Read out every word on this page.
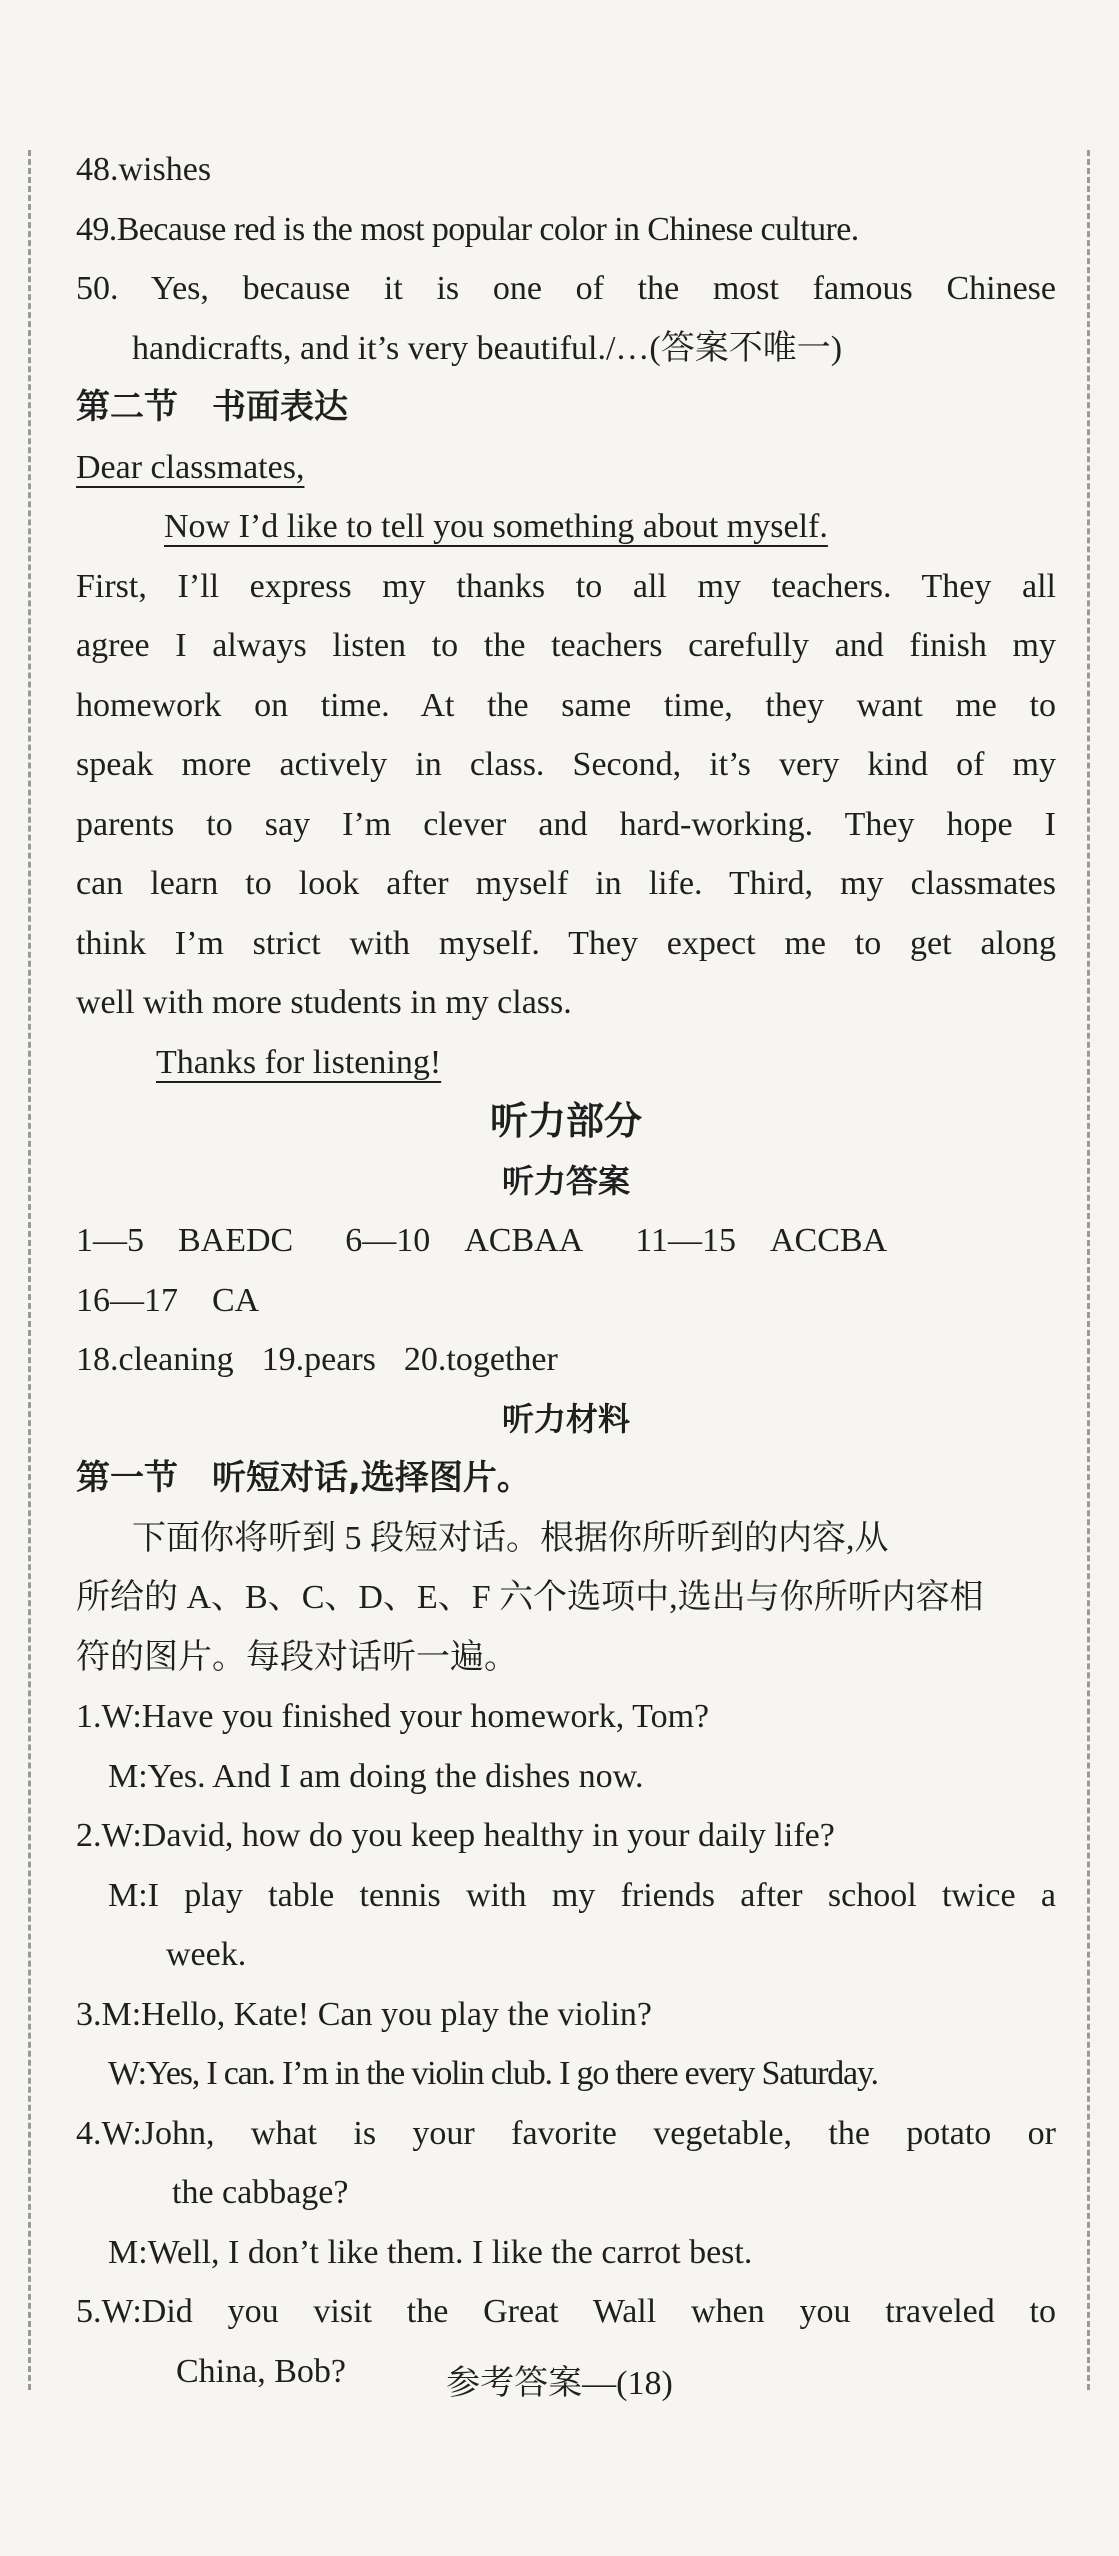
48.wishes
49.Because red is the most popular color in Chinese culture.
50. Yes, because it is one of the most famous Chinese
handicrafts, and it’s very beautiful./…(答案不唯一)
第二节　书面表达
Dear classmates,
Now I’d like to tell you something about myself.
First, I’ll express my thanks to all my teachers. They all
agree I always listen to the teachers carefully and finish my
homework on time. At the same time, they want me to
speak more actively in class. Second, it’s very kind of my
parents to say I’m clever and hard-working. They hope I
can learn to look after myself in life. Third, my classmates
think I’m strict with myself. They expect me to get along
well with more students in my class.
Thanks for listening!
听力部分
听力答案
1—5　BAEDC 6—10　ACBAA 11—15　ACCBA
16—17　CA
18.cleaning 19.pears 20.together
听力材料
第一节　听短对话,选择图片。
下面你将听到 5 段短对话。根据你所听到的内容,从
所给的 A、B、C、D、E、F 六个选项中,选出与你所听内容相
符的图片。每段对话听一遍。
1.W:Have you finished your homework, Tom?
M:Yes. And I am doing the dishes now.
2.W:David, how do you keep healthy in your daily life?
M:I play table tennis with my friends after school twice a
week.
3.M:Hello, Kate! Can you play the violin?
W:Yes, I can. I’m in the violin club. I go there every Saturday.
4.W:John, what is your favorite vegetable, the potato or
the cabbage?
M:Well, I don’t like them. I like the carrot best.
5.W:Did you visit the Great Wall when you traveled to
China, Bob?	参考答案—(18)
